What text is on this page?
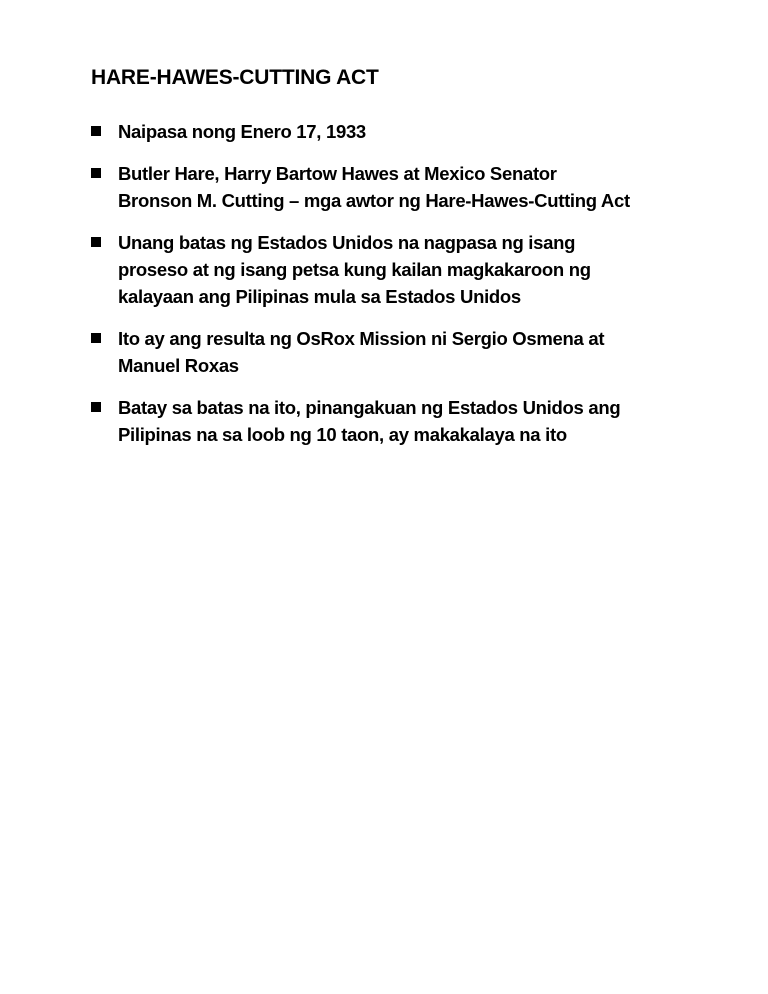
HARE-HAWES-CUTTING ACT
Naipasa nong Enero 17, 1933
Butler Hare, Harry Bartow Hawes at Mexico Senator
Bronson M. Cutting – mga awtor ng Hare-Hawes-Cutting Act
Unang batas ng Estados Unidos na nagpasa ng isang
proseso at ng isang petsa kung kailan magkakaroon ng
kalayaan ang Pilipinas mula sa Estados Unidos
Ito ay ang resulta ng OsRox Mission ni Sergio Osmena at
Manuel Roxas
Batay sa batas na ito, pinangakuan ng Estados Unidos ang
Pilipinas na sa loob ng 10 taon, ay makakalaya na ito
